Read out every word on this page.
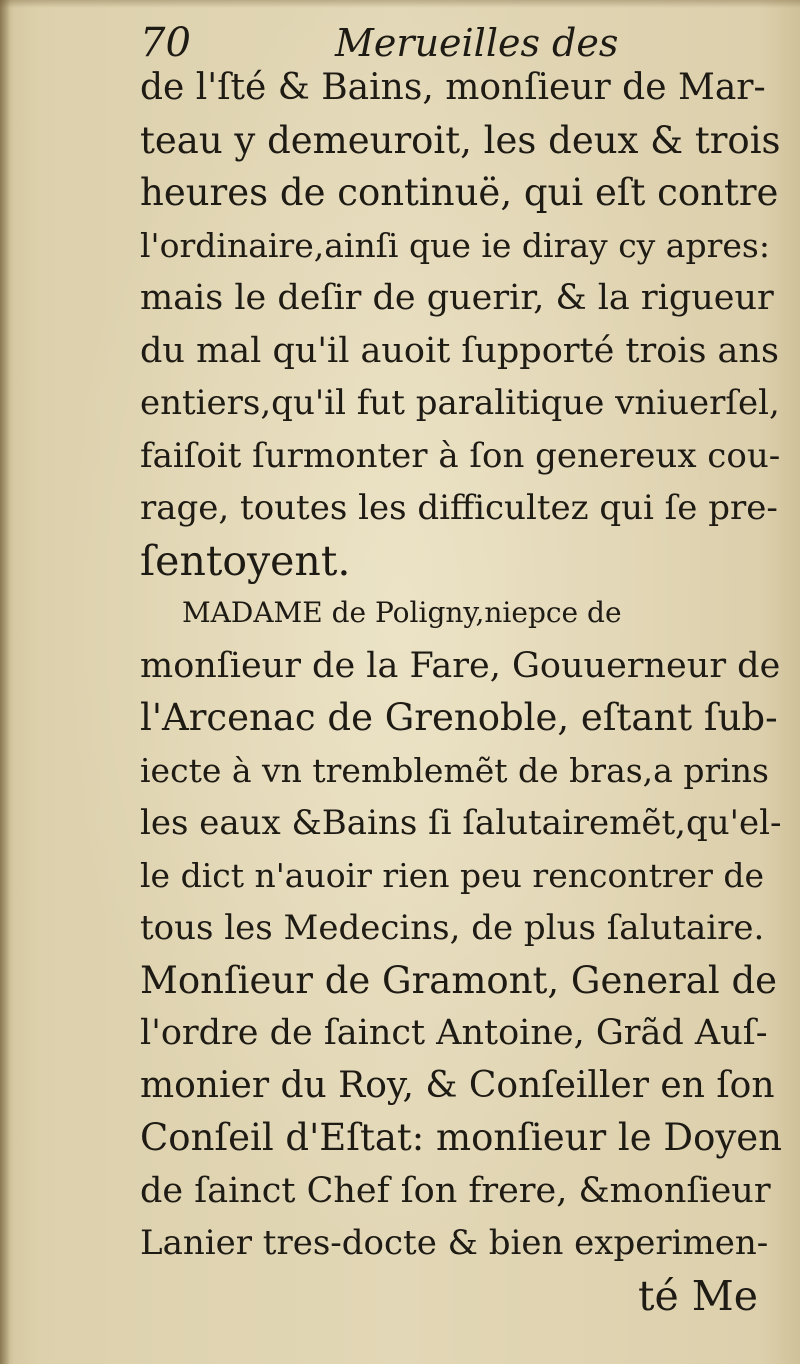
70	Meruеilles des
de l'ſté & Bains, monſieur de Mar-
teau y demeuroit, les deux & trois
heures de continuë, qui eſt contre
l'ordinaire,ainſi que ie diray cy apres:
mais le deſir de guerir, & la rigueur
du mal qu'il auoit ſupporté trois ans
entiers,qu'il fut paralitique vniuerſel,
faiſoit ſurmonter à ſon genereux cou-
rage, toutes les difficultez qui ſe pre-
ſentoyent.
MADAME de Poligny,niepce de
monſieur de la Fare, Gouuerneur de
l'Arcenac de Grenoble, eſtant ſub-
iecte à vn tremblemẽt de bras,a prins
les eaux &Bains ſi ſalutairemẽt,qu'el-
le dict n'auoir rien peu rencontrer de
tous les Medecins, de plus ſalutaire.
Monſieur de Gramont, General de
l'ordre de ſainct Antoine, Grãd Auſ-
monier du Roy, & Conſeiller en ſon
Conſeil d'Eſtat: monſieur le Doyen
de ſainct Chef ſon frere, &monſieur
Lanier tres-docte & bien experimen-
té Me
